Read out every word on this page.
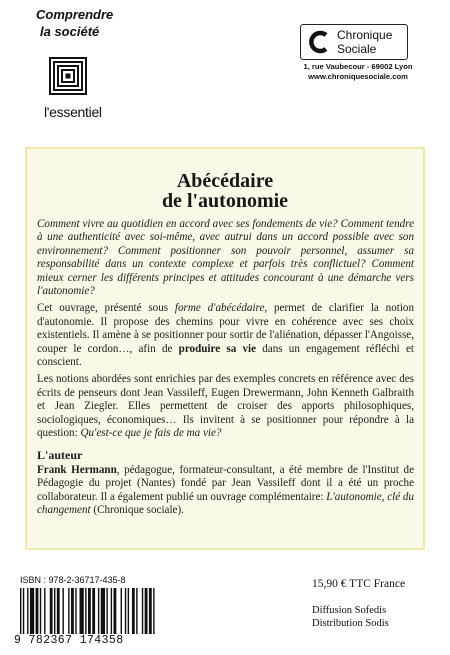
Comprendre
la société
l'essentiel
Chronique
Sociale
1, rue Vaubecour - 69002 Lyon
www.chroniquesociale.com
Abécédaire
de l'autonomie

Comment vivre au quotidien en accord avec ses fondements de vie? Comment tendre à une authenticité avec soi-même, avec autrui dans un accord possible avec son environnement? Comment positionner son pouvoir personnel, assumer sa responsabilité dans un contexte complexe et parfois très conflictuel? Comment mieux cerner les différents principes et attitudes concourant à une démarche vers l'autonomie?

Cet ouvrage, présenté sous forme d'abécédaire, permet de clarifier la notion d'autonomie. Il propose des chemins pour vivre en cohérence avec ses choix existentiels. Il amène à se positionner pour sortir de l'aliénation, dépasser l'Angoisse, couper le cordon…, afin de produire sa vie dans un engagement réfléchi et conscient.

Les notions abordées sont enrichies par des exemples concrets en référence avec des écrits de penseurs dont Jean Vassileff, Eugen Drewermann, John Kenneth Galbraith et Jean Ziegler. Elles permettent de croiser des apports philosophiques, sociologiques, économiques… Ils invitent à se positionner pour répondre à la question: Qu'est-ce que je fais de ma vie?

L'auteur

Frank Hermann, pédagogue, formateur-consultant, a été membre de l'Institut de Pédagogie du projet (Nantes) fondé par Jean Vassileff dont il a été un proche collaborateur. Il a également publié un ouvrage complémentaire: L'autonomie, clé du changement (Chronique sociale).

ISBN : 978-2-36717-435-8
9 782367 174358
15,90 € TTC France
Diffusion Sofedis
Distribution Sodis
